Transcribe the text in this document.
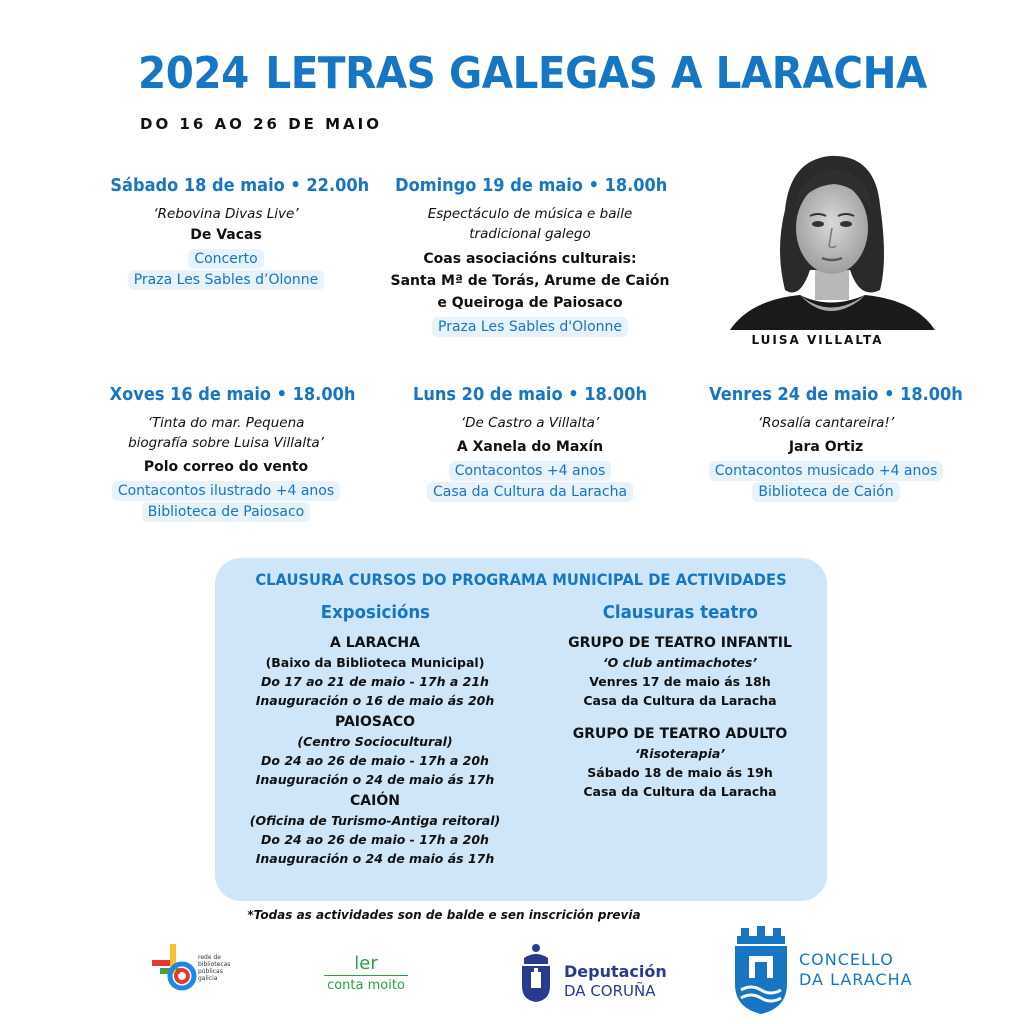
2024 LETRAS GALEGAS A LARACHA
DO 16 AO 26 DE MAIO
Sábado 18 de maio • 22.00h
‘Rebovina Divas Live’
De Vacas
Concerto
Praza Les Sables d’Olonne
Domingo 19 de maio • 18.00h
Espectáculo de música e baile
tradicional galego
Coas asociacións culturais:
Santa Mª de Torás, Arume de Caión
e Queiroga de Paiosaco
Praza Les Sables d'Olonne
Xoves 16 de maio • 18.00h
‘Tinta do mar. Pequena
biografía sobre Luisa Villalta’
Polo correo do vento
Contacontos ilustrado +4 anos
Biblioteca de Paiosaco
Luns 20 de maio • 18.00h
‘De Castro a Villalta’
A Xanela do Maxín
Contacontos +4 anos
Casa da Cultura da Laracha
Venres 24 de maio • 18.00h
‘Rosalía cantareira!’
Jara Ortiz
Contacontos musicado +4 anos
Biblioteca de Caión
LUISA VILLALTA
CLAUSURA CURSOS DO PROGRAMA MUNICIPAL DE ACTIVIDADES
Exposicións
A LARACHA
(Baixo da Biblioteca Municipal)
Do 17 ao 21 de maio - 17h a 21h
Inauguración o 16 de maio ás 20h
PAIOSACO
(Centro Sociocultural)
Do 24 ao 26 de maio - 17h a 20h
Inauguración o 24 de maio ás 17h
CAIÓN
(Oficina de Turismo-Antiga reitoral)
Do 24 ao 26 de maio - 17h a 20h
Inauguración o 24 de maio ás 17h
Clausuras teatro
GRUPO DE TEATRO INFANTIL
‘O club antimachotes’
Venres 17 de maio ás 18h
Casa da Cultura da Laracha
GRUPO DE TEATRO ADULTO
‘Risoterapia’
Sábado 18 de maio ás 19h
Casa da Cultura da Laracha
*Todas as actividades son de balde e sen inscrición previa
rede de
bibliotecas
públicas
galicia
ler
conta moito
Deputación
DA CORUÑA
CONCELLO
DA LARACHA
